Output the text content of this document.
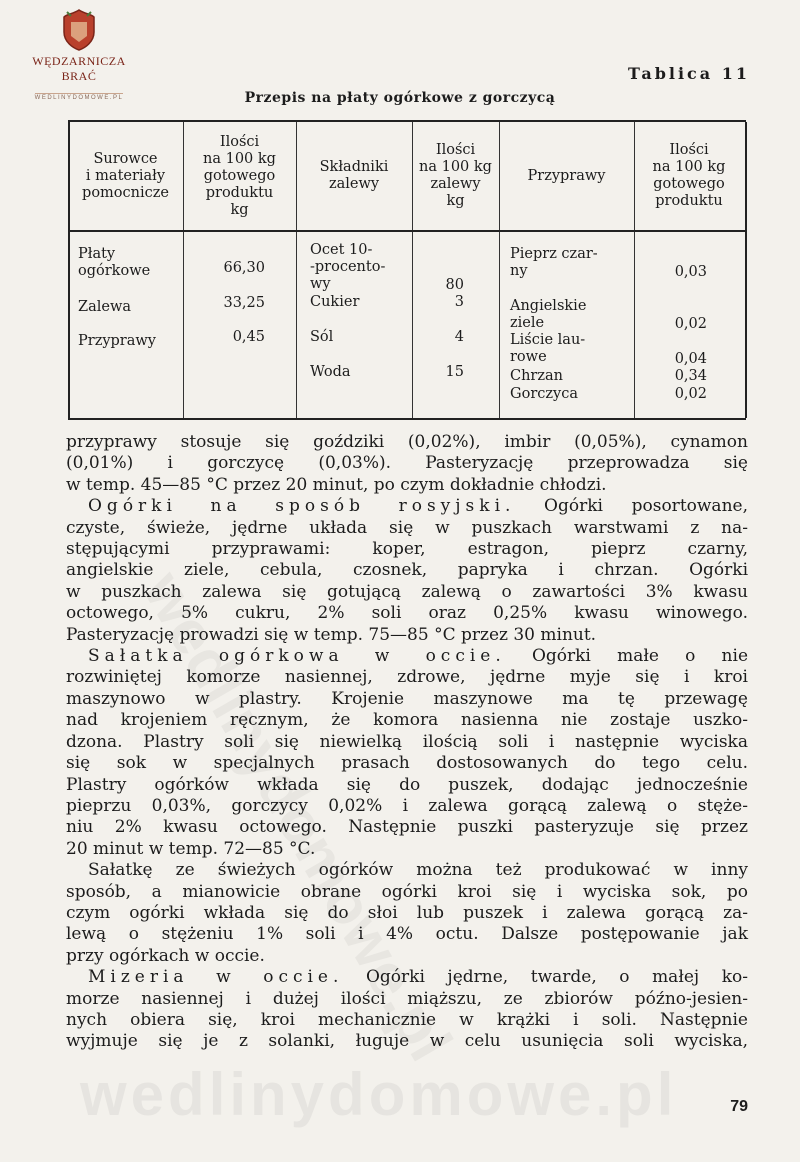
WĘDZARNICZA BRAĆ
WEDLINYDOMOWE.PL
Tablica 11
Przepis na płaty ogórkowe z gorczycą
Surowce
i materiały
pomocnicze
Ilości
na 100 kg
gotowego
produktu
kg
Składniki
zalewy
Ilości
na 100 kg
zalewy
kg
Przyprawy
Ilości
na 100 kg
gotowego
produktu
Płaty
ogórkowe
Zalewa
Przyprawy
66,30
33,25
0,45
Ocet 10-
-procento-
wy
Cukier
Sól
Woda
80
3
4
15
Pieprz czar-
ny
Angielskie
ziele
Liście lau-
rowe
Chrzan
Gorczyca
0,03
0,02
0,04
0,34
0,02

przyprawy stosuje się goździki (0,02%), imbir (0,05%), cynamon

(0,01%) i gorczycę (0,03%). Pasteryzację przeprowadza się

w temp. 45—85 °C przez 20 minut, po czym dokładnie chłodzi.

Ogórki na sposób rosyjski. Ogórki posortowane,

czyste, świeże, jędrne układa się w puszkach warstwami z na-

stępującymi przyprawami: koper, estragon, pieprz czarny,

angielskie ziele, cebula, czosnek, papryka i chrzan. Ogórki

w puszkach zalewa się gotującą zalewą o zawartości 3% kwasu

octowego, 5% cukru, 2% soli oraz 0,25% kwasu winowego.

Pasteryzację prowadzi się w temp. 75—85 °C przez 30 minut.

Sałatka ogórkowa w occie. Ogórki małe o nie

rozwiniętej komorze nasiennej, zdrowe, jędrne myje się i kroi

maszynowo w plastry. Krojenie maszynowe ma tę przewagę

nad krojeniem ręcznym, że komora nasienna nie zostaje uszko-

dzona. Plastry soli się niewielką ilością soli i następnie wyciska

się sok w specjalnych prasach dostosowanych do tego celu.

Plastry ogórków wkłada się do puszek, dodając jednocześnie

pieprzu 0,03%, gorczycy 0,02% i zalewa gorącą zalewą o stęże-

niu 2% kwasu octowego. Następnie puszki pasteryzuje się przez

20 minut w temp. 72—85 °C.

Sałatkę ze świeżych ogórków można też produkować w inny

sposób, a mianowicie obrane ogórki kroi się i wyciska sok, po

czym ogórki wkłada się do słoi lub puszek i zalewa gorącą za-

lewą o stężeniu 1% soli i 4% octu. Dalsze postępowanie jak

przy ogórkach w occie.

Mizeria w occie. Ogórki jędrne, twarde, o małej ko-

morze nasiennej i dużej ilości miąższu, ze zbiorów późno-jesien-

nych obiera się, kroi mechanicznie w krążki i soli. Następnie

wyjmuje się je z solanki, ługuje w celu usunięcia soli wyciska,

wedlinydomowe.pl	79
